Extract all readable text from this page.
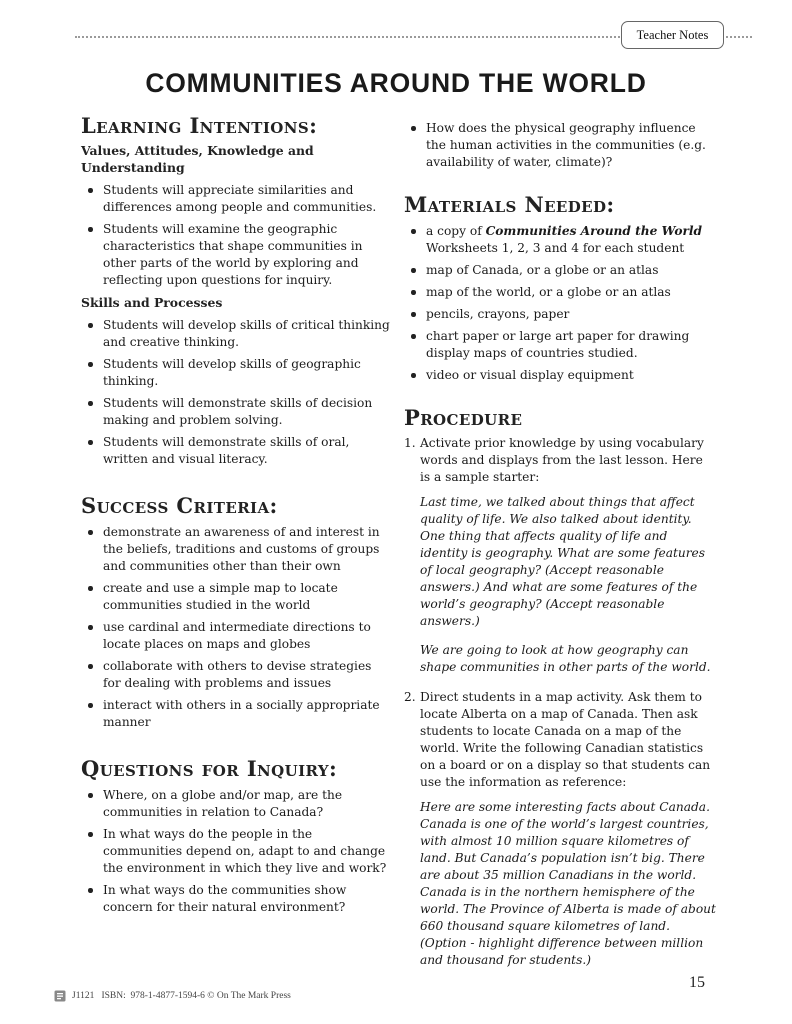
Teacher Notes
COMMUNITIES AROUND THE WORLD
Learning Intentions:
Values, Attitudes, Knowledge and Understanding
Students will appreciate similarities and differences among people and communities.
Students will examine the geographic characteristics that shape communities in other parts of the world by exploring and reflecting upon questions for inquiry.
Skills and Processes
Students will develop skills of critical thinking and creative thinking.
Students will develop skills of geographic thinking.
Students will demonstrate skills of decision making and problem solving.
Students will demonstrate skills of oral, written and visual literacy.
Success Criteria:
demonstrate an awareness of and interest in the beliefs, traditions and customs of groups and communities other than their own
create and use a simple map to locate communities studied in the world
use cardinal and intermediate directions to locate places on maps and globes
collaborate with others to devise strategies for dealing with problems and issues
interact with others in a socially appropriate manner
Questions for Inquiry:
Where, on a globe and/or map, are the communities in relation to Canada?
In what ways do the people in the communities depend on, adapt to and change the environment in which they live and work?
In what ways do the communities show concern for their natural environment?
How does the physical geography influence the human activities in the communities (e.g. availability of water, climate)?
Materials Needed:
a copy of Communities Around the World Worksheets 1, 2, 3 and 4 for each student
map of Canada, or a globe or an atlas
map of the world, or a globe or an atlas
pencils, crayons, paper
chart paper or large art paper for drawing display maps of countries studied.
video or visual display equipment
Procedure
1. Activate prior knowledge by using vocabulary words and displays from the last lesson. Here is a sample starter:

Last time, we talked about things that affect quality of life. We also talked about identity. One thing that affects quality of life and identity is geography. What are some features of local geography? (Accept reasonable answers.) And what are some features of the world’s geography? (Accept reasonable answers.)

We are going to look at how geography can shape communities in other parts of the world.

2. Direct students in a map activity. Ask them to locate Alberta on a map of Canada. Then ask students to locate Canada on a map of the world. Write the following Canadian statistics on a board or on a display so that students can use the information as reference:

Here are some interesting facts about Canada. Canada is one of the world’s largest countries, with almost 10 million square kilometres of land. But Canada’s population isn’t big. There are about 35 million Canadians in the world. Canada is in the northern hemisphere of the world. The Province of Alberta is made of about 660 thousand square kilometres of land. (Option - highlight difference between million and thousand for students.)

15
J1121   ISBN:  978-1-4877-1594-6 © On The Mark Press
